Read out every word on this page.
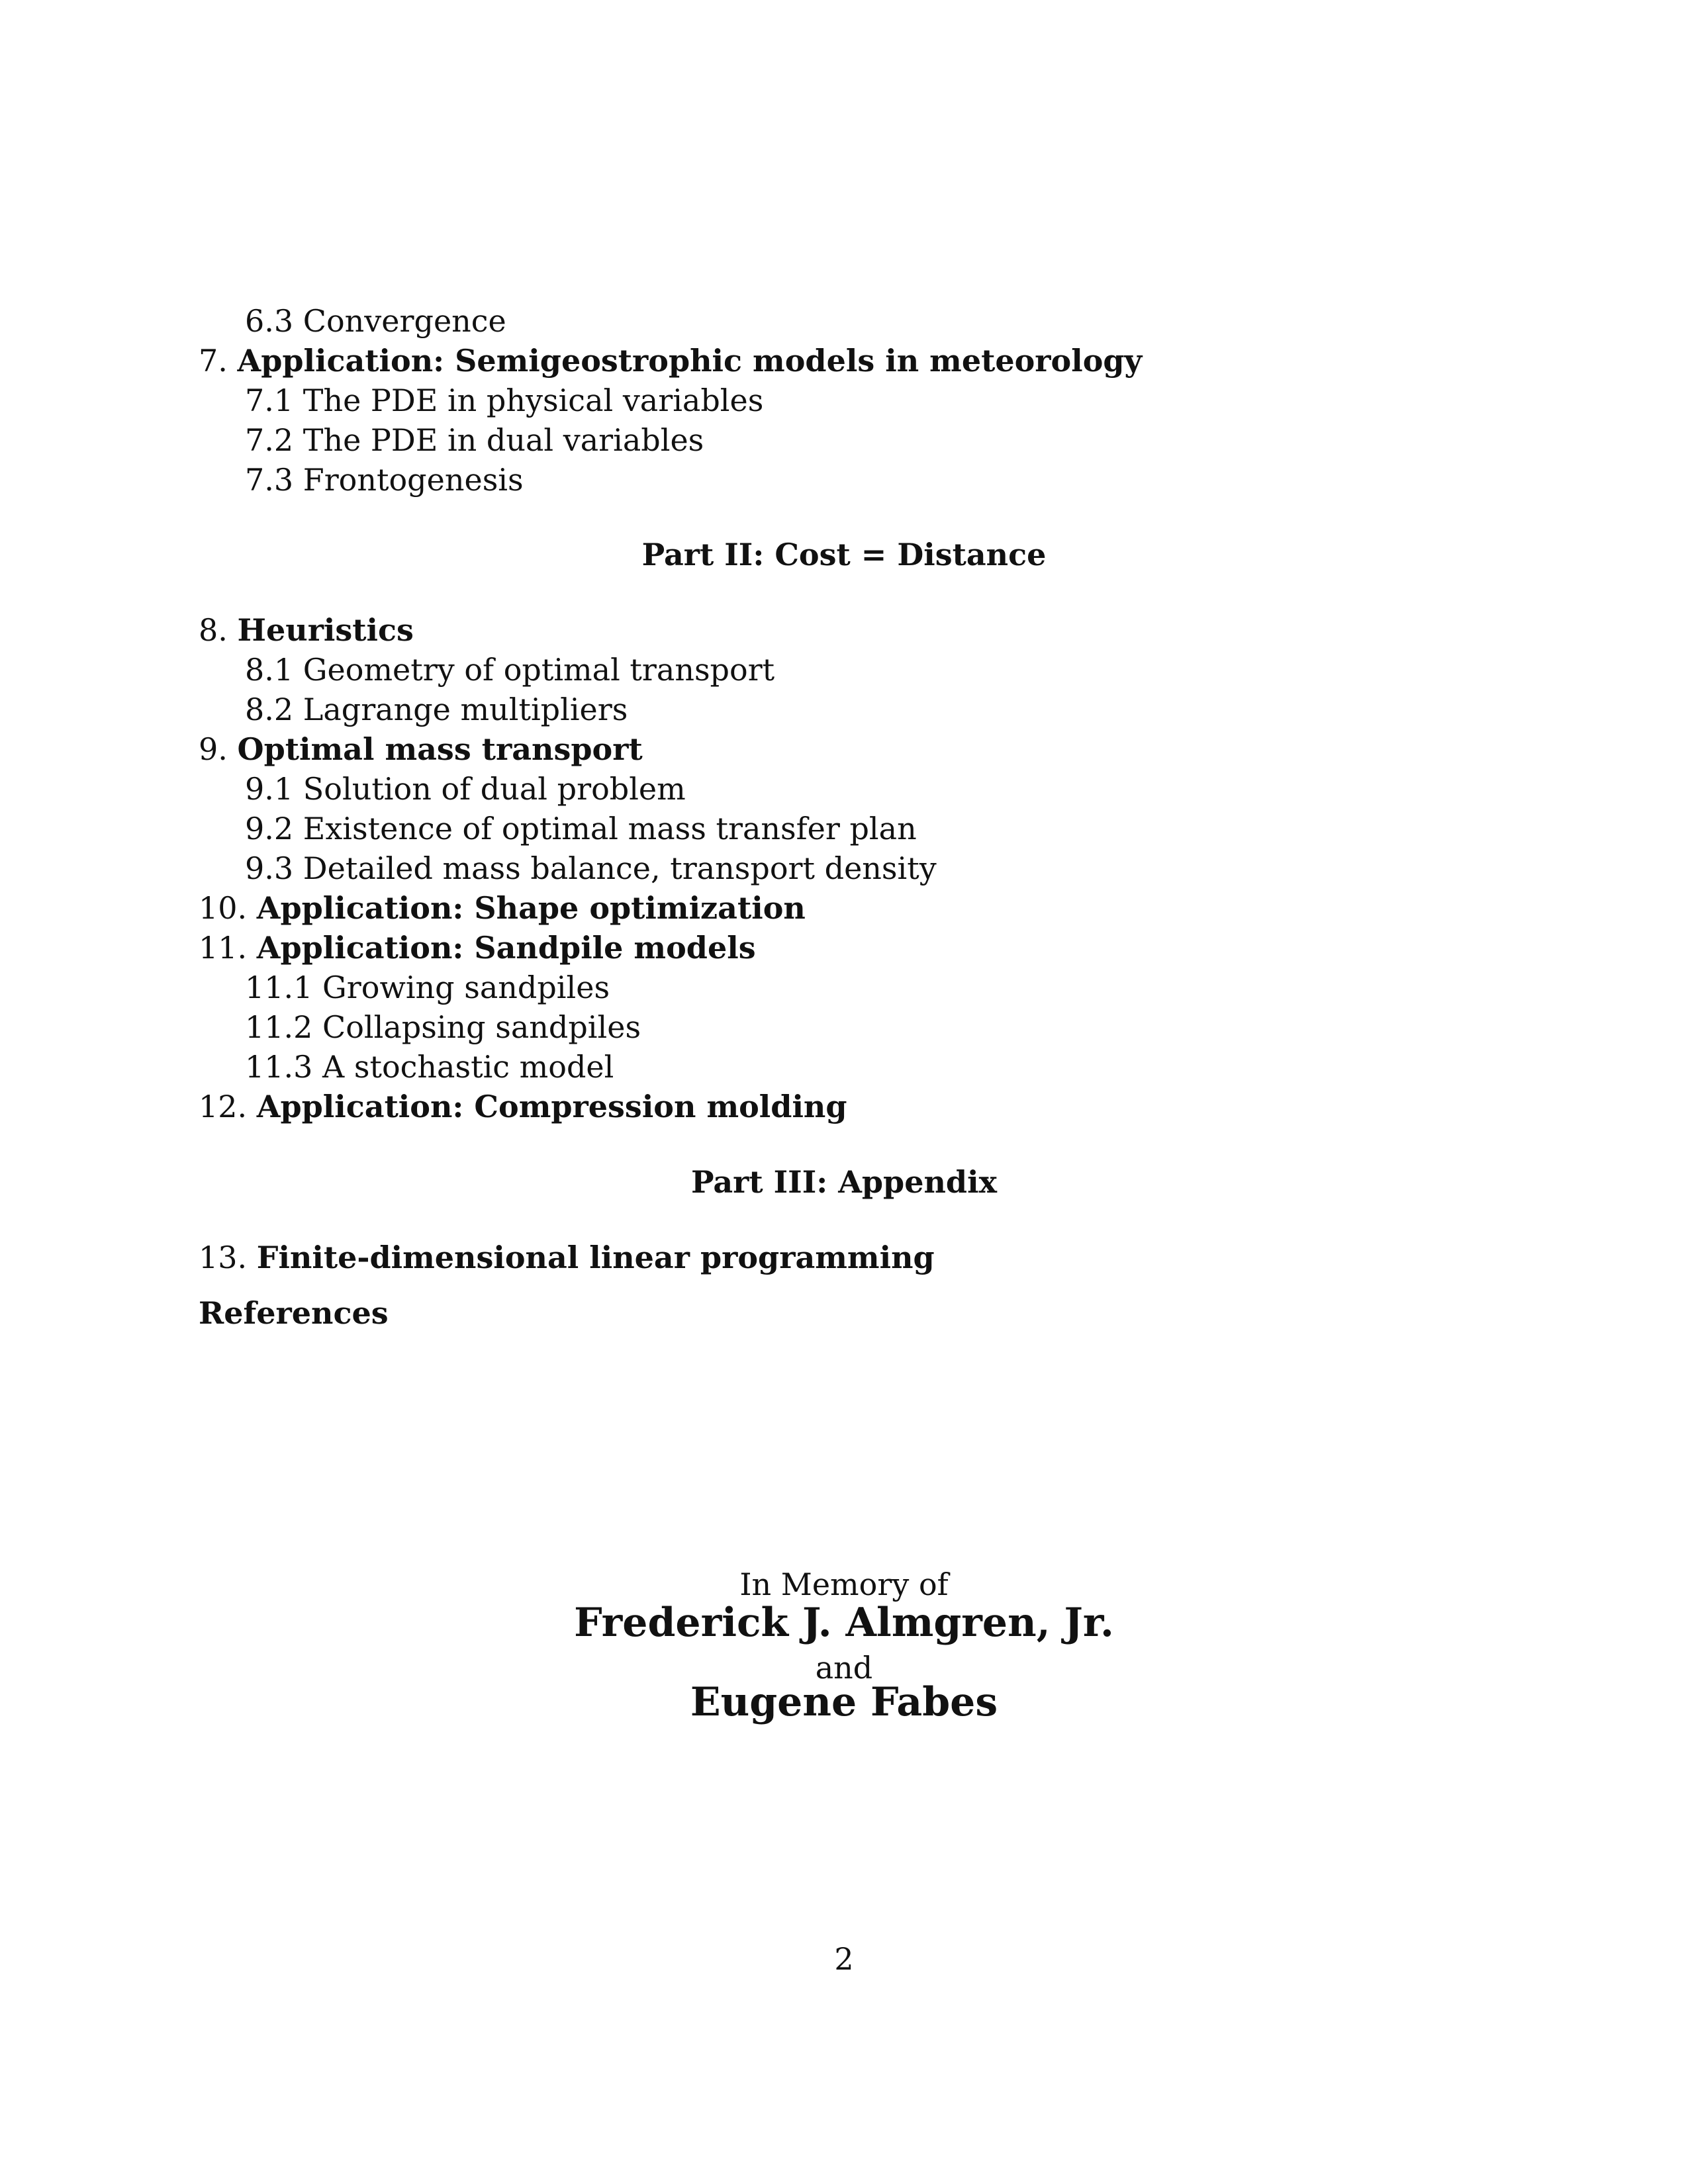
6.3 Convergence
7. Application: Semigeostrophic models in meteorology
7.1 The PDE in physical variables
7.2 The PDE in dual variables
7.3 Frontogenesis
Part II: Cost = Distance
8. Heuristics
8.1 Geometry of optimal transport
8.2 Lagrange multipliers
9. Optimal mass transport
9.1 Solution of dual problem
9.2 Existence of optimal mass transfer plan
9.3 Detailed mass balance, transport density
10. Application: Shape optimization
11. Application: Sandpile models
11.1 Growing sandpiles
11.2 Collapsing sandpiles
11.3 A stochastic model
12. Application: Compression molding
Part III: Appendix
13. Finite-dimensional linear programming
References
In Memory of
Frederick J. Almgren, Jr.
and
Eugene Fabes
2
